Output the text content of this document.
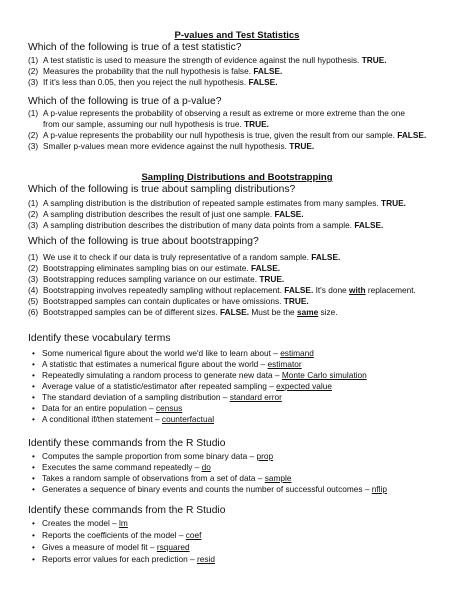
P-values and Test Statistics
Which of the following is true of a test statistic?
(1) A test statistic is used to measure the strength of evidence against the null hypothesis. TRUE.
(2) Measures the probability that the null hypothesis is false. FALSE.
(3) If it's less than 0.05, then you reject the null hypothesis. FALSE.
Which of the following is true of a p-value?
(1) A p-value represents the probability of observing a result as extreme or more extreme than the one
from our sample, assuming our null hypothesis is true. TRUE.
(2) A p-value represents the probability our null hypothesis is true, given the result from our sample. FALSE.
(3) Smaller p-values mean more evidence against the null hypothesis. TRUE.
Sampling Distributions and Bootstrapping
Which of the following is true about sampling distributions?
(1) A sampling distribution is the distribution of repeated sample estimates from many samples. TRUE.
(2) A sampling distribution describes the result of just one sample. FALSE.
(3) A sampling distribution describes the distribution of many data points from a sample. FALSE.
Which of the following is true about bootstrapping?
(1) We use it to check if our data is truly representative of a random sample. FALSE.
(2) Bootstrapping eliminates sampling bias on our estimate. FALSE.
(3) Bootstrapping reduces sampling variance on our estimate. TRUE.
(4) Bootstrapping involves repeatedly sampling without replacement. FALSE. It's done with replacement.
(5) Bootstrapped samples can contain duplicates or have omissions. TRUE.
(6) Bootstrapped samples can be of different sizes. FALSE. Must be the same size.
Identify these vocabulary terms
• Some numerical figure about the world we'd like to learn about – estimand
• A statistic that estimates a numerical figure about the world – estimator
• Repeatedly simulating a random process to generate new data – Monte Carlo simulation
• Average value of a statistic/estimator after repeated sampling – expected value
• The standard deviation of a sampling distribution – standard error
• Data for an entire population – census
• A conditional if/then statement – counterfactual
Identify these commands from the R Studio
• Computes the sample proportion from some binary data – prop
• Executes the same command repeatedly – do
• Takes a random sample of observations from a set of data – sample
• Generates a sequence of binary events and counts the number of successful outcomes – nflip
Identify these commands from the R Studio
• Creates the model – lm
• Reports the coefficients of the model – coef
• Gives a measure of model fit – rsquared
• Reports error values for each prediction – resid
